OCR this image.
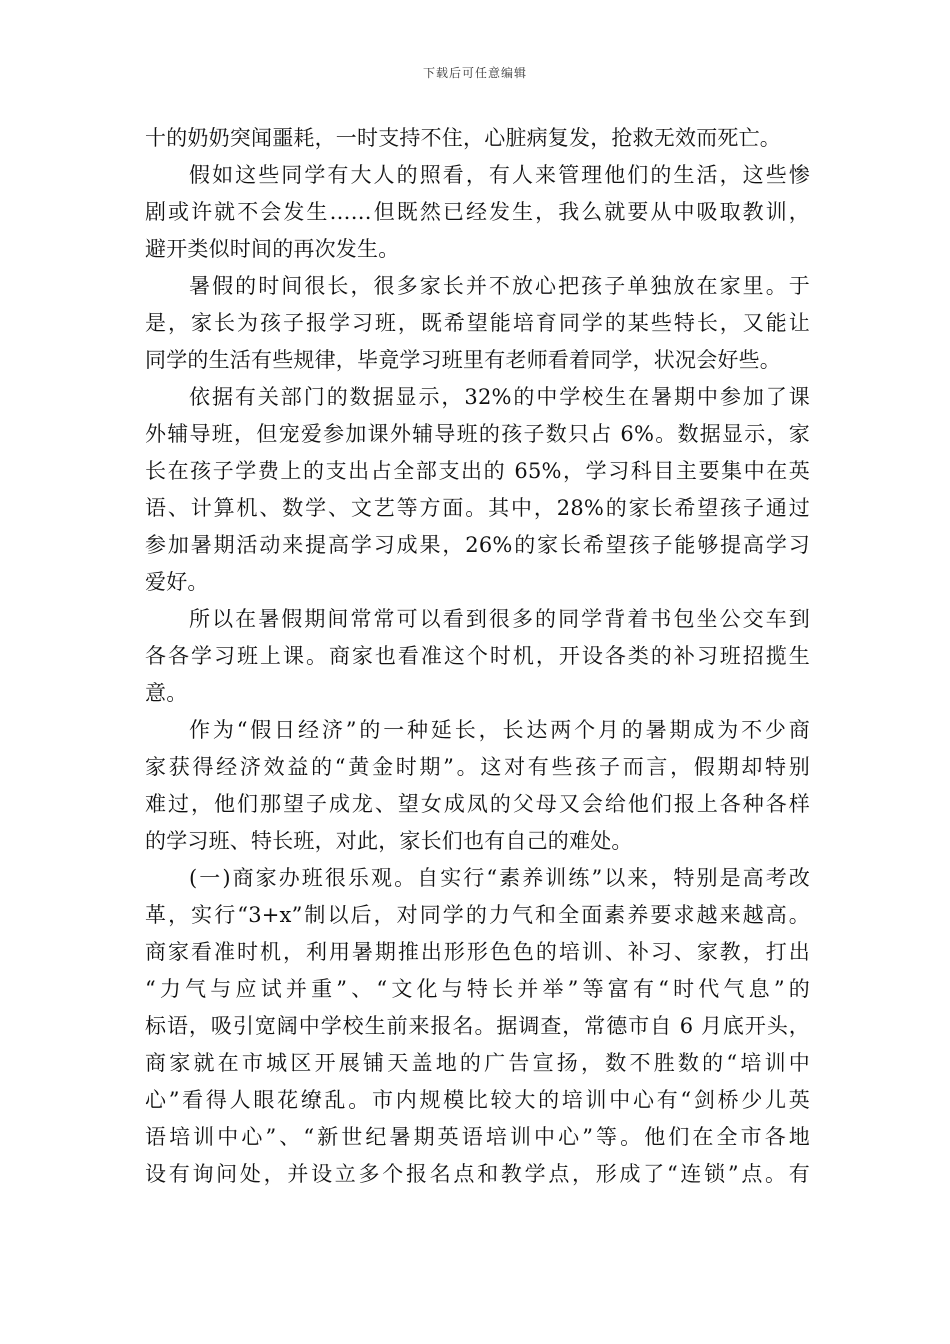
下载后可任意编辑
十的奶奶突闻噩耗，一时支持不住，心脏病复发，抢救无效而死亡。
假如这些同学有大人的照看，有人来管理他们的生活，这些惨
剧或许就不会发生……但既然已经发生，我么就要从中吸取教训，
避开类似时间的再次发生。
暑假的时间很长，很多家长并不放心把孩子单独放在家里。于
是，家长为孩子报学习班，既希望能培育同学的某些特长，又能让
同学的生活有些规律，毕竟学习班里有老师看着同学，状况会好些。
依据有关部门的数据显示，32%的中学校生在暑期中参加了课
外辅导班，但宠爱参加课外辅导班的孩子数只占 6%。数据显示，家
长在孩子学费上的支出占全部支出的 65%，学习科目主要集中在英
语、计算机、数学、文艺等方面。其中，28%的家长希望孩子通过
参加暑期活动来提高学习成果，26%的家长希望孩子能够提高学习
爱好。
所以在暑假期间常常可以看到很多的同学背着书包坐公交车到
各各学习班上课。商家也看准这个时机，开设各类的补习班招揽生
意。
作为“假日经济”的一种延长，长达两个月的暑期成为不少商
家获得经济效益的“黄金时期”。这对有些孩子而言，假期却特别
难过，他们那望子成龙、望女成凤的父母又会给他们报上各种各样
的学习班、特长班，对此，家长们也有自己的难处。
(一)商家办班很乐观。自实行“素养训练”以来，特别是高考改
革，实行“3+x”制以后，对同学的力气和全面素养要求越来越高。
商家看准时机，利用暑期推出形形色色的培训、补习、家教，打出
“力气与应试并重”、“文化与特长并举”等富有“时代气息”的
标语，吸引宽阔中学校生前来报名。据调查，常德市自 6 月底开头，
商家就在市城区开展铺天盖地的广告宣扬，数不胜数的“培训中
心”看得人眼花缭乱。市内规模比较大的培训中心有“剑桥少儿英
语培训中心”、“新世纪暑期英语培训中心”等。他们在全市各地
设有询问处，并设立多个报名点和教学点，形成了“连锁”点。有
